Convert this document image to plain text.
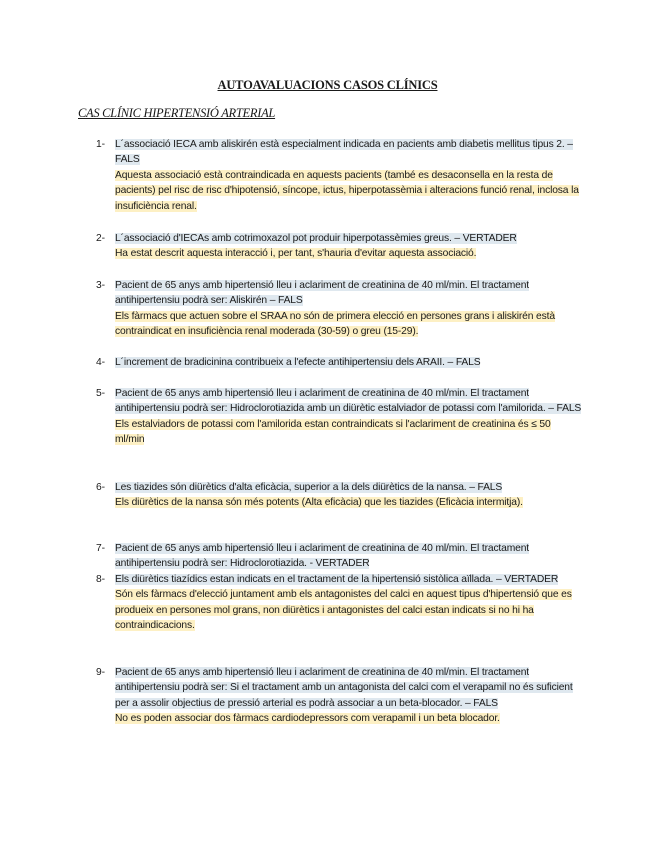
AUTOAVALUACIONS CASOS CLÍNICS
CAS CLÍNIC HIPERTENSIÓ ARTERIAL
1- L´associació IECA amb aliskirén està especialment indicada en pacients amb diabetis mellitus tipus 2. – FALS
Aquesta associació està contraindicada en aquests pacients (també es desaconsella en la resta de pacients) pel risc de risc d'hipotensió, síncope, ictus, hiperpotassèmia i alteracions funció renal, inclosa la insuficiència renal.
2- L´associació d'IECAs amb cotrimoxazol pot produir hiperpotassèmies greus. – VERTADER
Ha estat descrit aquesta interacció i, per tant, s'hauria d'evitar aquesta associació.
3- Pacient de 65 anys amb hipertensió lleu i aclariment de creatinina de 40 ml/min. El tractament antihipertensiu podrà ser: Aliskirén – FALS
Els fàrmacs que actuen sobre el SRAA no són de primera elecció en persones grans i aliskirén està contraindicat en insuficiència renal moderada (30-59) o greu (15-29).
4- L´increment de bradicinina contribueix a l'efecte antihipertensiu dels ARAII. – FALS
5- Pacient de 65 anys amb hipertensió lleu i aclariment de creatinina de 40 ml/min. El tractament antihipertensiu podrà ser: Hidroclorotiazida amb un diürètic estalviador de potassi com l'amilorida. – FALS
Els estalviadors de potassi com l'amilorida estan contraindicats si l'aclariment de creatinina és ≤ 50 ml/min
6- Les tiazides són diürètics d'alta eficàcia, superior a la dels diürètics de la nansa. – FALS
Els diürètics de la nansa són més potents (Alta eficàcia) que les tiazides (Eficàcia intermitja).
7- Pacient de 65 anys amb hipertensió lleu i aclariment de creatinina de 40 ml/min. El tractament antihipertensiu podrà ser: Hidroclorotiazida. - VERTADER
8- Els diürètics tiazídics estan indicats en el tractament de la hipertensió sistòlica aïllada. – VERTADER
Són els fàrmacs d'elecció juntament amb els antagonistes del calci en aquest tipus d'hipertensió que es produeix en persones mol grans, non diürètics i antagonistes del calci estan indicats si no hi ha contraindicacions.
9- Pacient de 65 anys amb hipertensió lleu i aclariment de creatinina de 40 ml/min. El tractament antihipertensiu podrà ser: Si el tractament amb un antagonista del calci com el verapamil no és suficient per a assolir objectius de pressió arterial es podrà associar a un beta-blocador. – FALS
No es poden associar dos fàrmacs cardiodepressors com verapamil i un beta blocador.
